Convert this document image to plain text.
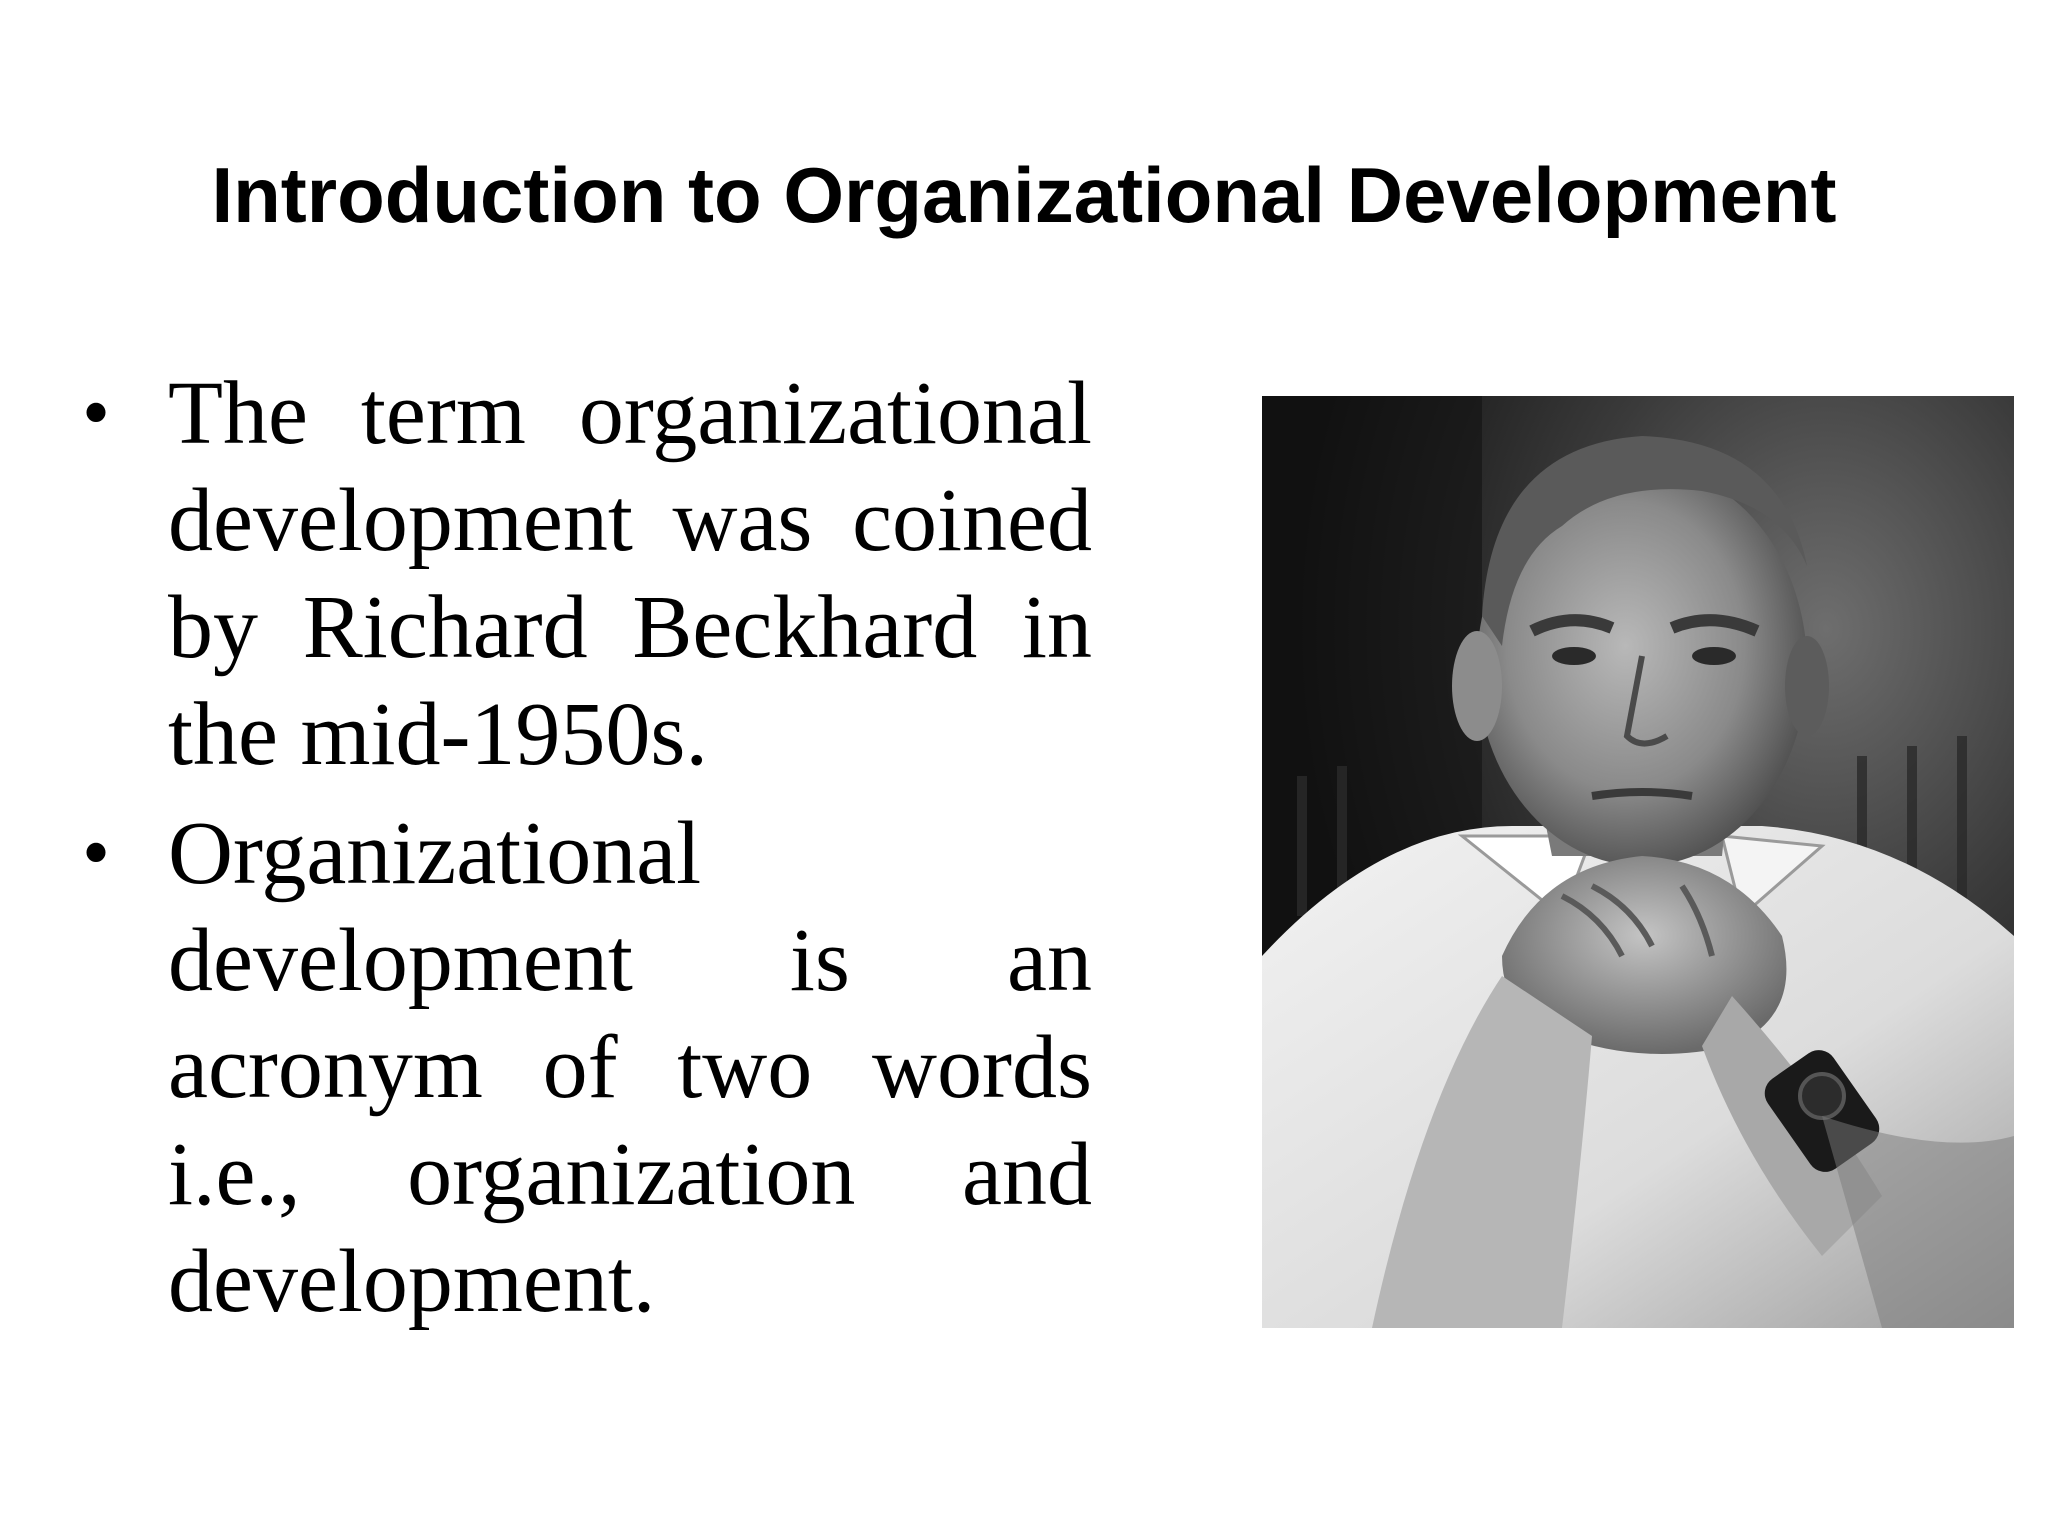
Introduction to Organizational Development
• The term organizational development was coined by Richard Beckhard in the mid-1950s.
• Organizational development is an acronym of two words i.e., organization and development.
